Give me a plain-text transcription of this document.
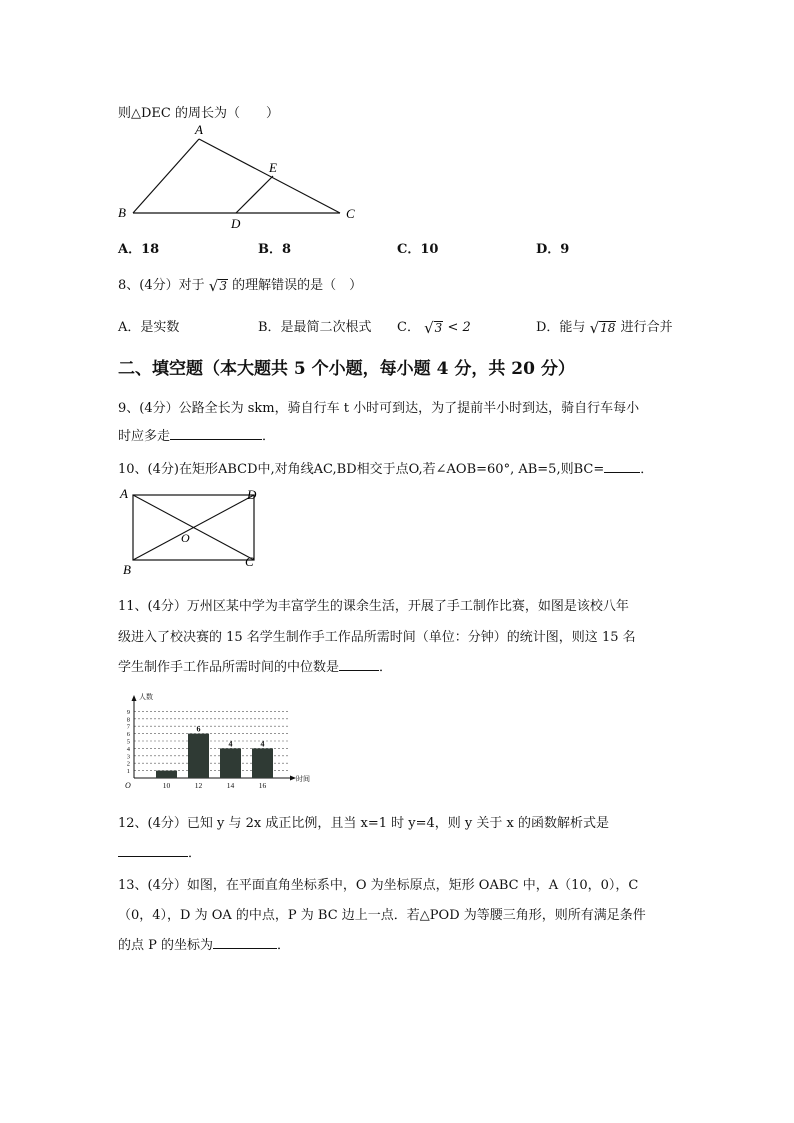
则△DEC 的周长为（　　）
A
E
B
D
C
A．18	B．8	C．10	D．9
8、(4分）对于 √ 3 的理解错误的是（　）
A．是实数	B．是最简二次根式 C． √ 3 < 2	D．能与 √ 18 进行合并
二、填空题（本大题共 5 个小题，每小题 4 分，共 20 分）
9、(4分）公路全长为 skm，骑自行车 t 小时可到达，为了提前半小时到达，骑自行车每小
时应多走	．
10、(4分)在矩形ABCD中,对角线AC,BD相交于点O,若∠AOB=60°, AB=5,则BC=	．
A	D
O
B
C
11、(4分）万州区某中学为丰富学生的课余生活，开展了手工制作比赛，如图是该校八年
级进入了校决赛的 15 名学生制作手工作品所需时间（单位：分钟）的统计图，则这 15 名
学生制作手工作品所需时间的中位数是	．
1
2
3
4
5
6
7
8
9
人数
时间
O	10	12
6
14
4
16
4
12、(4分）已知 y 与 2x 成正比例，且当 x=1 时 y=4，则 y 关于 x 的函数解析式是
．
13、(4分）如图，在平面直角坐标系中，O 为坐标原点，矩形 OABC 中，A（10，0），C
（0，4），D 为 OA 的中点，P 为 BC 边上一点．若△POD 为等腰三角形，则所有满足条件
的点 P 的坐标为	．
